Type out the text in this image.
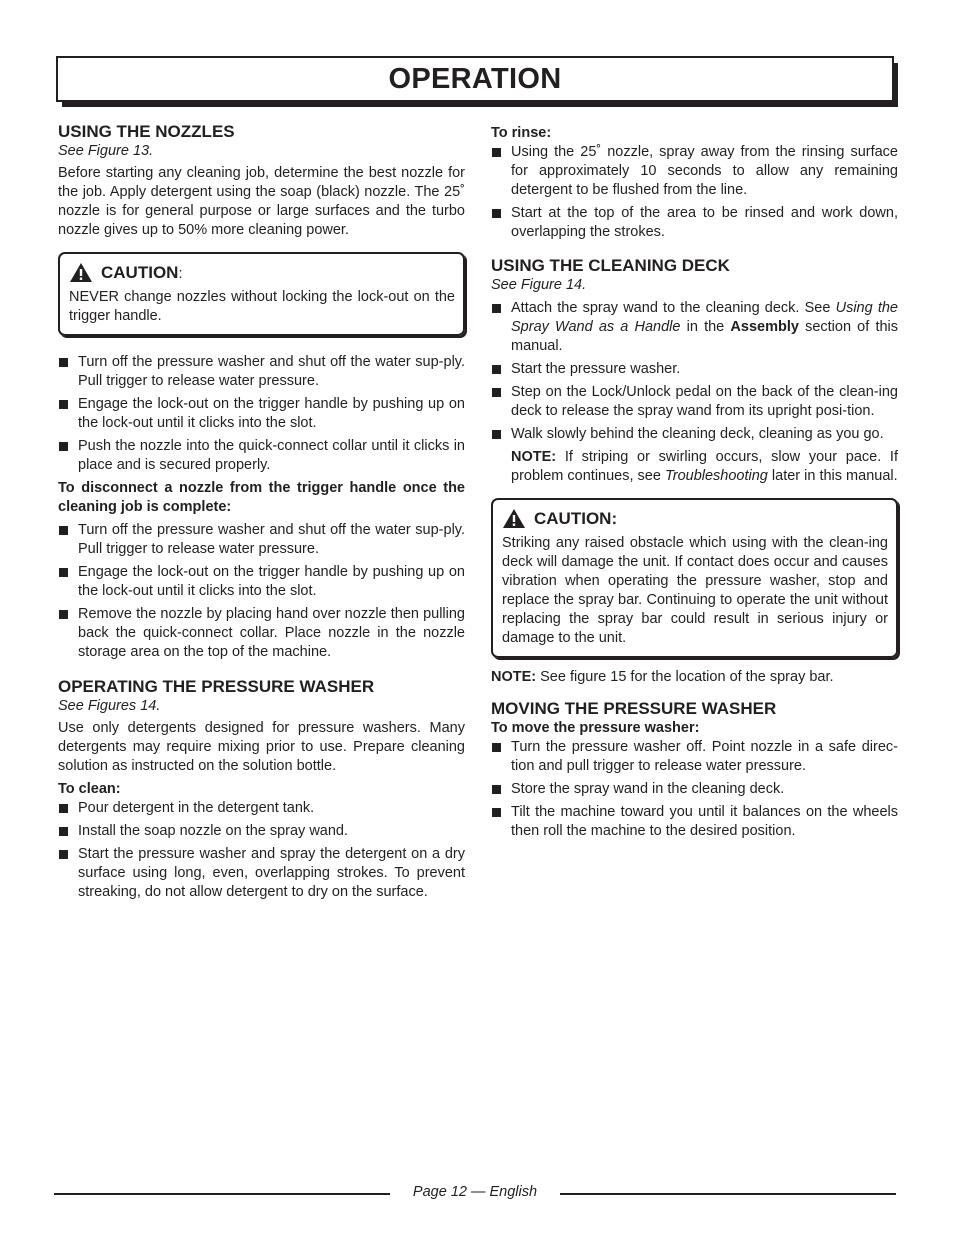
OPERATION
USING THE NOZZLES
See Figure 13.

Before starting any cleaning job, determine the best nozzle for the job. Apply detergent using the soap (black) nozzle. The 25˚ nozzle is for general purpose or large surfaces and the turbo nozzle gives up to 50% more cleaning power.

CAUTION:

NEVER change nozzles without locking the lock-out on the trigger handle.

Turn off the pressure washer and shut off the water sup-ply. Pull trigger to release water pressure.
Engage the lock-out on the trigger handle by pushing up on the lock-out until it clicks into the slot.
Push the nozzle into the quick-connect collar until it clicks in place and is secured properly.

To disconnect a nozzle from the trigger handle once the cleaning job is complete:

Turn off the pressure washer and shut off the water sup-ply. Pull trigger to release water pressure.
Engage the lock-out on the trigger handle by pushing up on the lock-out until it clicks into the slot.
Remove the nozzle by placing hand over nozzle then pulling back the quick-connect collar. Place nozzle in the nozzle storage area on the top of the machine.
OPERATING THE PRESSURE WASHER
See Figures 14.

Use only detergents designed for pressure washers. Many detergents may require mixing prior to use. Prepare cleaning solution as instructed on the solution bottle.

To clean:

Pour detergent in the detergent tank.
Install the soap nozzle on the spray wand.
Start the pressure washer and spray the detergent on a dry surface using long, even, overlapping strokes. To prevent streaking, do not allow detergent to dry on the surface.

To rinse:

Using the 25˚ nozzle, spray away from the rinsing surface for approximately 10 seconds to allow any remaining detergent to be flushed from the line.
Start at the top of the area to be rinsed and work down, overlapping the strokes.
USING THE CLEANING DECK
See Figure 14.
Attach the spray wand to the cleaning deck. See Using the Spray Wand as a Handle in the Assembly section of this manual.
Start the pressure washer.
Step on the Lock/Unlock pedal on the back of the clean-ing deck to release the spray wand from its upright posi-tion.
Walk slowly behind the cleaning deck, cleaning as you go.

NOTE: If striping or swirling occurs, slow your pace. If problem continues, see Troubleshooting later in this manual.

CAUTION:

Striking any raised obstacle which using with the clean-ing deck will damage the unit. If contact does occur and causes vibration when operating the pressure washer, stop and replace the spray bar. Continuing to operate the unit without replacing the spray bar could result in serious injury or damage to the unit.

NOTE: See figure 15 for the location of the spray bar.

MOVING THE PRESSURE WASHER

To move the pressure washer:

Turn the pressure washer off. Point nozzle in a safe direc-tion and pull trigger to release water pressure.
Store the spray wand in the cleaning deck.
Tilt the machine toward you until it balances on the wheels then roll the machine to the desired position.
Page 12 — English
